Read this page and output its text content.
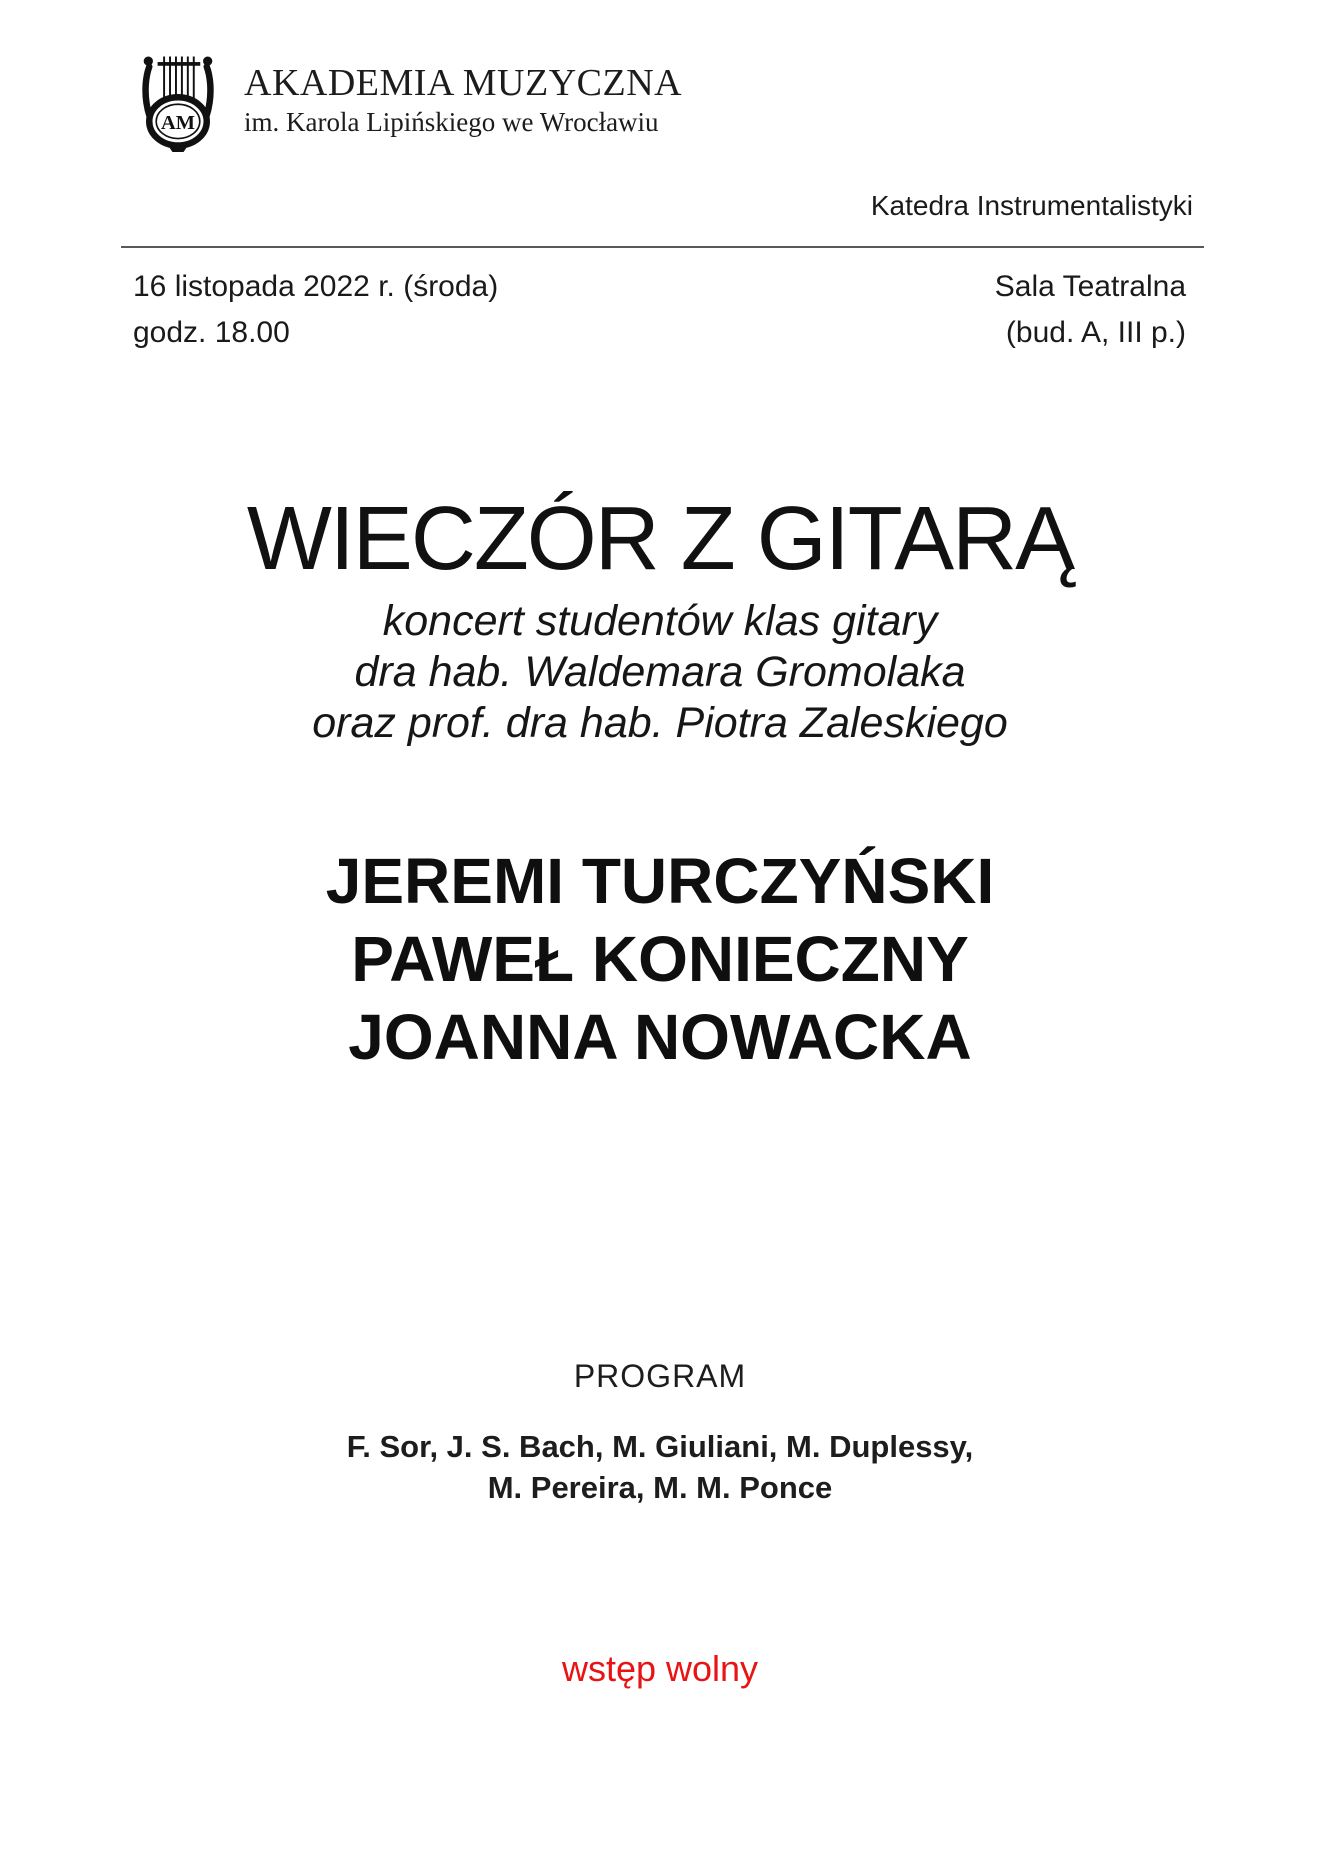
AM
AKADEMIA MUZYCZNA
im. Karola Lipińskiego we Wrocławiu
Katedra Instrumentalistyki
16 listopada 2022 r. (środa)
godz. 18.00
Sala Teatralna
(bud. A, III p.)
WIECZÓR Z GITARĄ
koncert studentów klas gitary
dra hab. Waldemara Gromolaka
oraz prof. dra hab. Piotra Zaleskiego
JEREMI TURCZYŃSKI
PAWEŁ KONIECZNY
JOANNA NOWACKA
PROGRAM
F. Sor, J. S. Bach, M. Giuliani, M. Duplessy,
M. Pereira, M. M. Ponce
wstęp wolny
